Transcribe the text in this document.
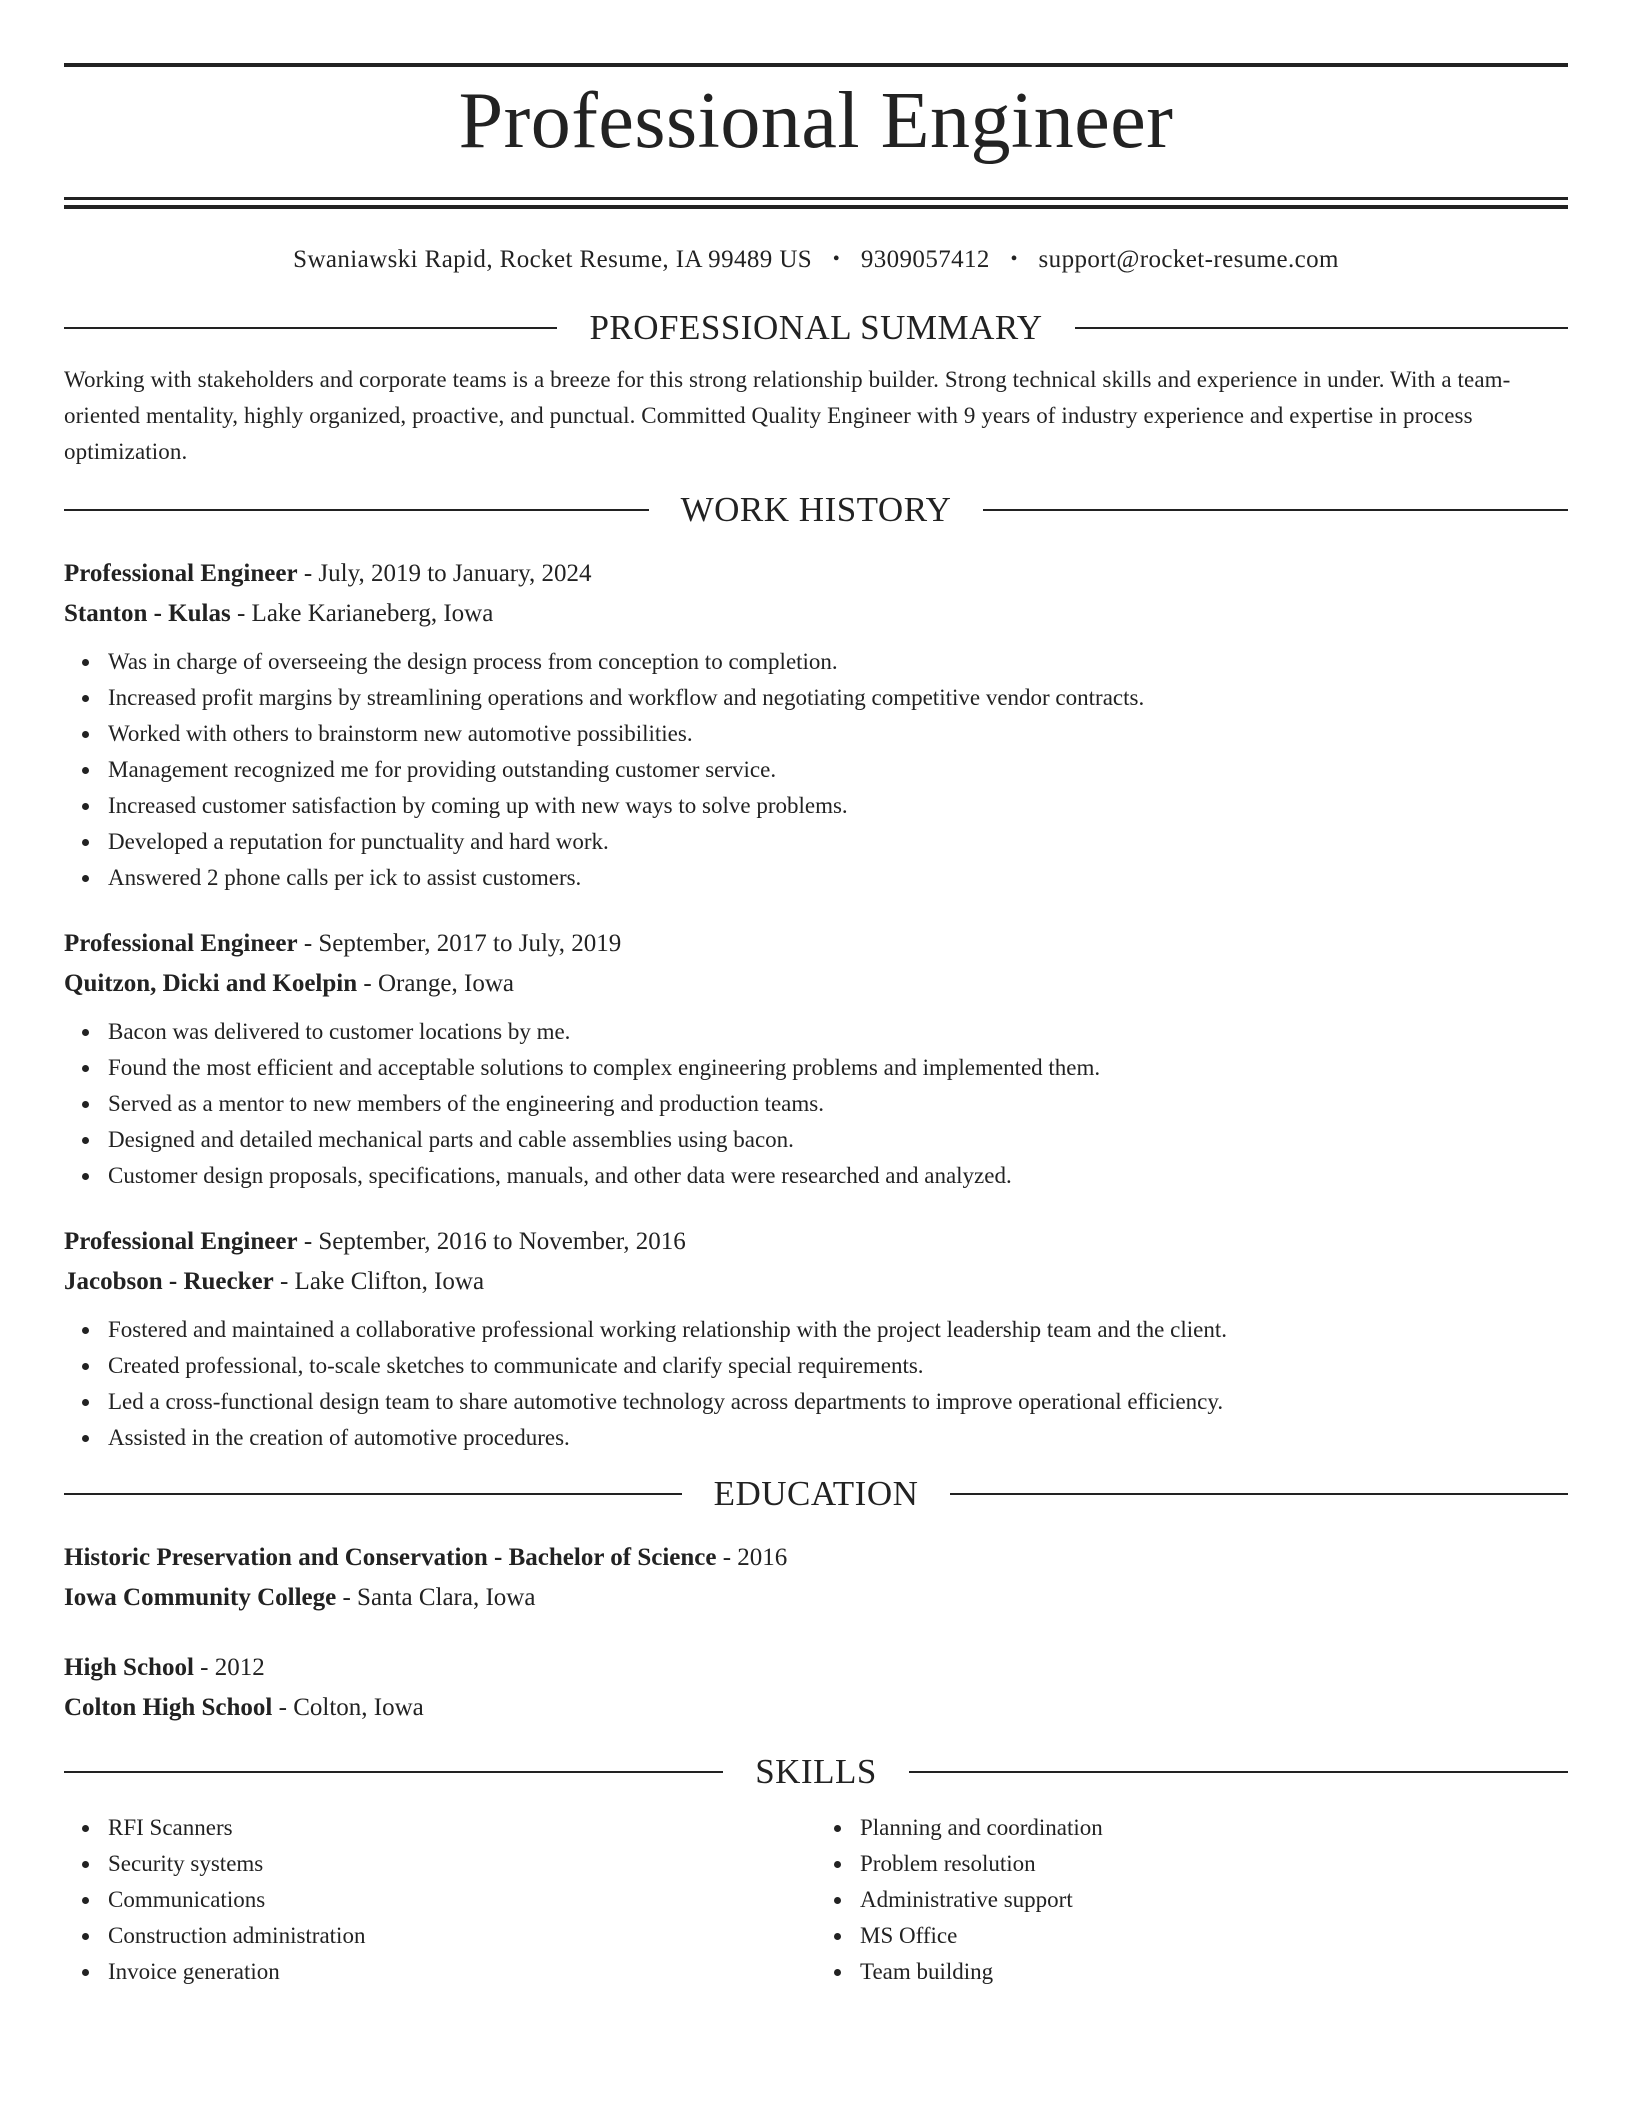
Professional Engineer
Swaniawski Rapid, Rocket Resume, IA 99489 US • 9309057412 • support@rocket-resume.com
PROFESSIONAL SUMMARY

Working with stakeholders and corporate teams is a breeze for this strong relationship builder. Strong technical skills and experience in under. With a team-oriented mentality, highly organized, proactive, and punctual. Committed Quality Engineer with 9 years of industry experience and expertise in process optimization.

WORK HISTORY
Professional Engineer - July, 2019 to January, 2024
Stanton - Kulas - Lake Karianeberg, Iowa
Was in charge of overseeing the design process from conception to completion.
Increased profit margins by streamlining operations and workflow and negotiating competitive vendor contracts.
Worked with others to brainstorm new automotive possibilities.
Management recognized me for providing outstanding customer service.
Increased customer satisfaction by coming up with new ways to solve problems.
Developed a reputation for punctuality and hard work.
Answered 2 phone calls per ick to assist customers.
Professional Engineer - September, 2017 to July, 2019
Quitzon, Dicki and Koelpin - Orange, Iowa
Bacon was delivered to customer locations by me.
Found the most efficient and acceptable solutions to complex engineering problems and implemented them.
Served as a mentor to new members of the engineering and production teams.
Designed and detailed mechanical parts and cable assemblies using bacon.
Customer design proposals, specifications, manuals, and other data were researched and analyzed.
Professional Engineer - September, 2016 to November, 2016
Jacobson - Ruecker - Lake Clifton, Iowa
Fostered and maintained a collaborative professional working relationship with the project leadership team and the client.
Created professional, to-scale sketches to communicate and clarify special requirements.
Led a cross-functional design team to share automotive technology across departments to improve operational efficiency.
Assisted in the creation of automotive procedures.
EDUCATION
Historic Preservation and Conservation - Bachelor of Science - 2016
Iowa Community College - Santa Clara, Iowa
High School - 2012
Colton High School - Colton, Iowa
SKILLS
RFI Scanners
Security systems
Communications
Construction administration
Invoice generation
Planning and coordination
Problem resolution
Administrative support
MS Office
Team building
